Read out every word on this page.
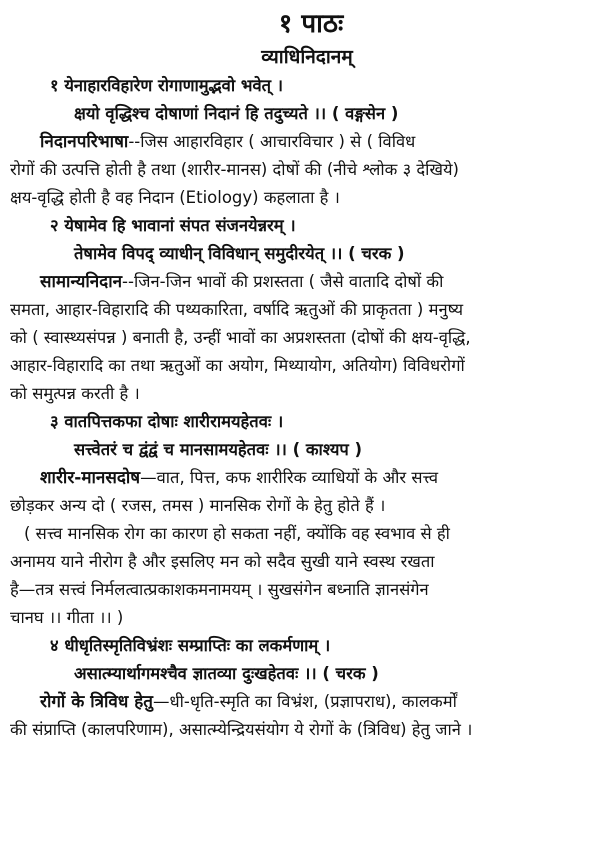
१ पाठः
व्याधिनिदानम्
१ येनाहारविहारेण रोगाणामुद्भवो भवेत् ।
क्षयो वृद्धिश्च दोषाणां निदानं हि तदुच्यते ।। ( वङ्गसेन )
निदानपरिभाषा--जिस आहारविहार ( आचारविचार ) से ( विविध
रोगों की उत्पत्ति होती है तथा (शारीर-मानस) दोषों की (नीचे श्लोक ३ देखिये)
क्षय-वृद्धि होती है वह निदान (Etiology) कहलाता है ।
२ येषामेव हि भावानां संपत संजनयेन्नरम् ।
तेषामेव विपद् व्याधीन् विविधान् समुदीरयेत् ।। ( चरक )
सामान्यनिदान--जिन-जिन भावों की प्रशस्तता ( जैसे वातादि दोषों की
समता, आहार-विहारादि की पथ्यकारिता, वर्षादि ऋतुओं की प्राकृतता ) मनुष्य
को ( स्वास्थ्यसंपन्न ) बनाती है, उन्हीं भावों का अप्रशस्तता (दोषों की क्षय-वृद्धि,
आहार-विहारादि का तथा ऋतुओं का अयोग, मिथ्यायोग, अतियोग) विविधरोगों
को समुत्पन्न करती है ।
३ वातपित्तकफा दोषाः शारीरामयहेतवः ।
सत्त्वेतरं च द्वंद्वं च मानसामयहेतवः ।। ( काश्यप )
शारीर-मानसदोष—वात, पित्त, कफ शारीरिक व्याधियों के और सत्त्व
छोड़कर अन्य दो ( रजस, तमस ) मानसिक रोगों के हेतु होते हैं ।
( सत्त्व मानसिक रोग का कारण हो सकता नहीं, क्योंकि वह स्वभाव से ही
अनामय याने नीरोग है और इसलिए मन को सदैव सुखी याने स्वस्थ रखता
है—तत्र सत्त्वं निर्मलत्वात्प्रकाशकमनामयम् । सुखसंगेन बध्नाति ज्ञानसंगेन
चानघ ।। गीता ।। )
४ धीधृतिस्मृतिविभ्रंशः सम्प्राप्तिः का लकर्मणाम् ।
असात्म्यार्थागमश्चैव ज्ञातव्या दुःखहेतवः ।। ( चरक )
रोगों के त्रिविध हेतु—धी-धृति-स्मृति का विभ्रंश, (प्रज्ञापराध), कालकर्मों
की संप्राप्ति (कालपरिणाम), असात्म्येन्द्रियसंयोग ये रोगों के (त्रिविध) हेतु जाने ।
